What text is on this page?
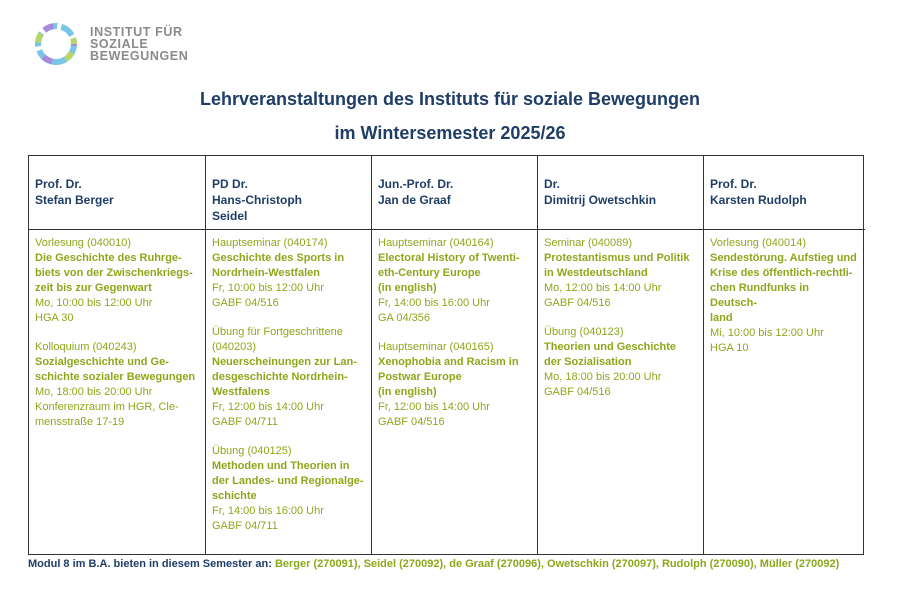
INSTITUT FÜR
SOZIALE
BEWEGUNGEN
Lehrveranstaltungen des Instituts für soziale Bewegungen
im Wintersemester 2025/26
Prof. Dr.
Stefan Berger
Vorlesung (040010)
Die Geschichte des Ruhrge-
biets von der Zwischenkriegs-
zeit bis zur Gegenwart
Mo, 10:00 bis 12:00 Uhr
HGA 30
Kolloquium (040243)
Sozialgeschichte und Ge-
schichte sozialer Bewegungen
Mo, 18:00 bis 20:00 Uhr
Konferenzraum im HGR, Cle-
mensstraße 17-19
PD Dr.
Hans-Christoph
Seidel
Hauptseminar (040174)
Geschichte des Sports in
Nordrhein-Westfalen
Fr, 10:00 bis 12:00 Uhr
GABF 04/516
Übung für Fortgeschrittene (040203)
Neuerscheinungen zur Lan-
desgeschichte Nordrhein-
Westfalens
Fr, 12:00 bis 14:00 Uhr
GABF 04/711
Übung (040125)
Methoden und Theorien in
der Landes- und Regionalge-
schichte
Fr, 14:00 bis 16:00 Uhr
GABF 04/711
Jun.-Prof. Dr.
Jan de Graaf
Hauptseminar (040164)
Electoral History of Twenti-
eth-Century Europe
(in english)
Fr, 14:00 bis 16:00 Uhr
GA 04/356
Hauptseminar (040165)
Xenophobia and Racism in
Postwar Europe
(in english)
Fr, 12:00 bis 14:00 Uhr
GABF 04/516
Dr.
Dimitrij Owetschkin
Seminar (040089)
Protestantismus und Politik
in Westdeutschland
Mo, 12:00 bis 14:00 Uhr
GABF 04/516
Übung (040123)
Theorien und Geschichte
der Sozialisation
Mo, 18:00 bis 20:00 Uhr
GABF 04/516
Prof. Dr.
Karsten Rudolph
Vorlesung (040014)
Sendestörung. Aufstieg und
Krise des öffentlich-rechtli-
chen Rundfunks in Deutsch-
land
Mi, 10:00 bis 12:00 Uhr
HGA 10
Modul 8 im B.A. bieten in diesem Semester an: Berger (270091), Seidel (270092), de Graaf (270096), Owetschkin (270097), Rudolph (270090), Müller (270092)
